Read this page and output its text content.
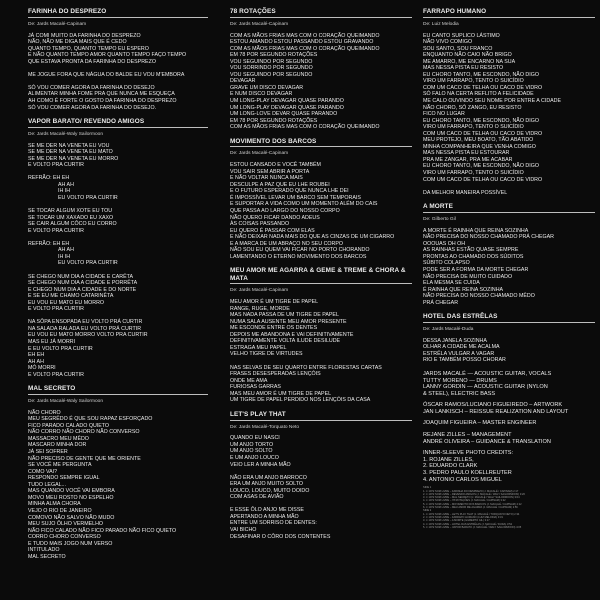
FARINHA DO DESPREZO
De: Jards Macalé-Capinam
JÁ COMI MUITO DA FARINHA DO DESPREZO
NÃO, NÃO ME DIGA MAIS QUE É CEDO
QUANTO TEMPO, QUANTO TEMPO EU ESPERO
E NÃO QUANTO TEMPO AMOR QUANTO TEMPO FAÇO TEMPO
QUE ESTAVA PRONTA DA FARINHA DO DESPREZO
ME JOGUE FORA QUE NÁGUA DO BALDE EU VOU M'EMBORA
SÓ VOU COMER AGORA DA FARINHA DO DESEJO
ALIMENTAR MINHA FOME PRA QUE NUNCA ME ESQUEÇA
AH COMO É FORTE O GOSTO DA FARINHA DO DESPREZO
SÓ VOU COMER AGORA DA FARINHA DO DESEJO.
VAPOR BARATO/ REVENDO AMIGOS
De: Jards Macalé-Waly Sailormoon
SE ME DER NA VENETA EU VOU
SE ME DER NA VENETA EU MATO
SE ME DER NA VENETA EU MORRO
E VOLTO PRA CURTIR
REFRÃO: EH EH
AH AH
IH IH
EU VOLTO PRA CURTIR
SE TOCAR ALGUM XOTE EU TOU
SE TOCAR UM XAXADO EU XAXO
SE CAIR ALGUM CÔCO EU CORRO
E VOLTO PRA CURTIR
REFRÃO: EH EH
AH AH
IH IH
EU VOLTO PRA CURTIR
SE CHEGO NUM DIA A CIDADE E CARÊTA
SE CHEGO NUM DIA A CIDADE E PORRÊTA
E CHEGO NUM DIA A CIDADE E DO NORTE
E SE EU ME CHAMO CATARINÊTA
EU VOU EU MATO EU MORRO
E VOLTO PRA CURTIR
NA SÔPA ENSOPADA EU VOLTO PRÁ CURTIR
NA SALADA RALADA EU VOLTO PRÁ CURTIR
EU VOU EU MATO MORRO VOLTO PRA CURTIR
MAS EU JÁ MORRI
E EU VOLTO PRA CURTIR
EH EH
AH AH
MÓ MORRI
E VOLTO PRA CURTIR
MAL SECRETO
De: Jards Macalé-Waly Sailormoon
NÃO CHORO
MEU SEGRÊDO É QUE SOU RAPAZ ESFORÇADO
FICO PARADO CALADO QUIETO
NÃO CORRO NÃO CHORO NÃO CONVERSO
MASSACRO MEU MÊDO
MASCARO MINHA DOR
JÁ SEI SOFRER
NÃO PRECISO DE GENTE QUE ME ORIENTE
SE VOCÊ ME PERGUNTA
COMO VAI?
RESPONDO SEMPRE IGUAL
TUDO LEGAL...
MAS QUANDO VOCÊ VAI EMBORA
MOVO MEU ROSTO NO ESPELHO
MINHA ALMA CHORA
VEJO O RIO DE JANEIRO
COMOVO NÃO SALVO NÃO MUDO
MEU SUJO ÔLHO VERMELHO
NÃO FICO CALADO NÃO FICO PARADO NÃO FICO QUIETO
CORRO CHORO CONVERSO
E TUDO MAIS JOGO NUM VERSO
INTITULADO
MAL SECRETO
78 ROTAÇÕES
De: Jards Macalé-Capinam
COM AS MÃOS FRIAS MAS COM O CORAÇÃO QUEIMANDO
ESTOU AMANDO ESTOU PASSANDO ESTOU GRAVANDO
COM AS MÃOS FRIAS MAS COM O CORAÇÃO QUEIMANDO
EM 78 POR SEGUNDO ROTAÇÕES
VOU SEGUINDO POR SEGUNDO
VOU SORRINDO POR SEGUNDO
VOU SEGUINDO POR SEGUNDO
DEVAGAR
GRAVE UM DISCO DEVAGAR
E NUM DISCO DEVAGAR
UM LONG-PLAY DEVAGAR QUASE PARANDO
UM LONG-PLAY DEVAGAR QUASE PARANDO
UM LONG-LOVE DEVAR QUASE PARANDO
EM 78 POR SEGUNDO ROTAÇÕES
COM AS MÃOS FRIAS MAS COM O CORAÇÃO QUEIMANDO
MOVIMENTO DOS BARCOS
De: Jards Macalé-Capinam
ESTOU CANSADO E VOCÊ TAMBÉM
VOU SAIR SEM ABRIR A PORTA
E NÃO VOLTAR NUNCA MAIS
DESCULPE A PAZ QUE EU LHE ROUBEI
E O FUTURO ESPERADO QUE NUNCA LHE DEI
É IMPOSSÍVEL LEVAR UM BARCO SEM TEMPORAIS
E SUPORTAR A VIDA COMO UM MOMENTO ALÉM DO CAIS
QUE PASSA AO LARGO DO NOSSO CORPO
NÃO QUERO FICAR DANDO ADEUS
ÀS COISAS PASSANDO
EU QUERO É PASSAR COM ELAS
E NÃO DEIXAR NADA MAIS DO QUE AS CINZAS DE UM CIGARRO
E A MARCA DE UM ABRAÇO NO SEU CORPO
NÃO SOU EU QUEM VAI FICAR NO PORTO CHORANDO
LAMENTANDO O ETERNO MOVIMENTO DOS BARCOS
MEU AMOR ME AGARRA & GEME & TREME & CHORA & MATA
De: Jards Macalé-Capinam
MEU AMOR É UM TIGRE DE PAPEL
RANGE, RUGE, MORDE
MAS NADA PASSA DE UM TIGRE DE PAPEL
NUMA SALA AUSENTE MEU AMOR PRESENTE
ME ESCONDE ENTRE OS DENTES
DEPOIS ME ABANDONA E VAI DEFINITIVAMENTE
DEFINITIVAMENTE VOLTA ILUDE DESILUDE
ESTRAGA MEU PAPEL
VELHO TIGRE DE VIRTUDES
NAS SELVAS DE SEU QUARTO ENTRE FLORESTAS CARTAS
FRASES DESESPERADAS LENÇÓIS
ONDE ME AMA
FURIOSAS GARRAS
MAS MEU AMOR É UM TIGRE DE PAPEL
UM TIGRE DE PAPEL PERDIDO NOS LENÇÓIS DA CASA
LET'S PLAY THAT
De: Jards Macalé-Torquato Neto
QUANDO EU NASCI
UM ANJO TORTO
UM ANJO SOLTO
E UM ANJO LOUCO
VEIO LER A MINHA MÃO
NÃO ERA UM ANJO BARROCO
ERA UM ANJO MUITO SOLTO
LOUCO, LOUCO, MUITO DOIDO
COM ASAS DE AVIÃO
E ESSE ÔLO ANJO ME DISSE
APERTANDO A MINHA MÃO
ENTRE UM SORRISO DE DENTES:
VAI BICHO
DESAFINAR O CÔRO DOS CONTENTES
FARRAPO HUMANO
De: Luiz Melodia
EU CANTO SUPLICO LÁSTIMO
NÃO VIVO COMIGO
SOU SANTO, SOU FRANCO
ENQUANTO NÃO CAIO NÃO BRIGO
ME AMARRO, ME ENCARNO NA SUA
MAS NESSA PISTA EU RESISTO
EU CHORO TANTO, ME ESCONDO, NÃO DIGO
VIRO UM FARRAPO, TENTO O SUICÍDIO
COM UM CACO DE TELHA OU CACO DE VIDRO
SÓ FALO NA CERTA REFLITO A FELICIDADE
ME CALO OUVINDO SEU NOME POR ENTRE A CIDADE
NÃO CHORO, SÓ ZANGO, EU RESISTO
FICO NO LUGAR
EU CHORO TANTO, ME ESCONDO, NÃO DIGO
VIRO UM FARRAPO, TENTO O SUICÍDIO
COM UM CACO DE TELHA OU CACO DE VIDRO
MEU PROTEJO, MEU BOATO, TÃO ABATIDO
MINHA COMPANHEIRA QUE VENHA COMIGO
MAS NESSA PISTA EU ESTOURAR
PRA ME ZANGAR, PRA ME ACABAR
EU CHORO TANTO, ME ESCONDO, NÃO DIGO
VIRO UM FARRAPO, TENTO O SUICÍDIO
COM UM CACO DE TELHA OU CACO DE VIDRO
DA MELHOR MANEIRA POSSÍVEL
A MORTE
De: Gilberto Gil
A MORTE É RAINHA QUE REINA SOZINHA
NÃO PRECISA DO NOSSO CHAMADO PRÁ CHEGAR
OOOUAS OH OH
AS RAINHAS ESTÃO QUASE SEMPRE
PRONTAS AO CHAMADO DOS SÚDITOS
SÚBITO COLAPSO
PODE SER A FORMA DA MORTE CHEGAR
NÃO PRECISA DE MUITO CUIDADO
ELA MESMA SE CUIDA
É RAINHA QUE REINA SOZINHA
NÃO PRECISA DO NOSSO CHAMADO MÊDO
PRÁ CHEGAR
HOTEL DAS ESTRÊLAS
De: Jards Macalé-Duda
DESSA JANELA SOZINHA
OLHAR A CIDADE ME ACALMA
ESTRÊLA VULGAR A VAGAR
RIO E TAMBÉM POSSO CHORAR
JARDS MACALÉ — ACOUSTIC GUITAR, VOCALS
TUTTY MORENO — DRUMS
LANNY GORDIN — ACOUSTIC GUITAR (NYLON
& STEEL), ELECTRIC BASS
ÓSCAR RAMOS/LUCIANO FIGUEIREDO – ARTWORK
JAN LANKISCH – REISSUE REALIZATION AND LAYOUT
JOAQUIM FIGUEIRA – MASTER ENGINEER
REJANE ZILLES – MANAGEMENT
ANDRÉ OLIVEIRA – GUIDANCE & TRANSLATION
INNER-SLEEVE PHOTO CREDITS:
1. ROJANE ZILLES,
2. EDUARDO CLARK
3. PEDRO PAULO KOELLREUTER
4. ANTONIO CARLOS MIGUEL
SIDE 1
1. ℗ 1972 SOM LIVRE – FARINHA DO DESPREZO (J. MACALÉ / CAPINAM) 2:17
2. ℗ 1972 SOM LIVRE – REVENDO AMIGOS (J. MACALÉ / WALY SAILORMOON) 3:20
3. ℗ 1972 SOM LIVRE – MAL SECRETO (J. MACALÉ / WALY SAILORMOON) 3:04
4. ℗ 1972 SOM LIVRE – 78 ROTAÇÕES (J. MACALÉ / CAPINAM) 3:22
5. ℗ 1972 SOM LIVRE – MOVIMENTO DOS BARCOS (J. MACALÉ / CAPINAM) 4:12
6. ℗ 1972 SOM LIVRE – MEU AMOR ME AGARRA (J. MACALÉ / CAPINAM) 2:56
SIDE 2
1. ℗ 1972 SOM LIVRE – LET'S PLAY THAT (J. MACALÉ / TORQUATO NETO) 2:34
2. ℗ 1972 SOM LIVRE – FARRAPO HUMANO (LUIZ MELODIA) 3:31
3. ℗ 1972 SOM LIVRE – A MORTE (GILBERTO GIL) 3:17
4. ℗ 1972 SOM LIVRE – HOTEL DAS ESTRÊLAS (J. MACALÉ / DUDA) 3:52
5. ℗ 1972 SOM LIVRE – VAPOR BARATO (J. MACALÉ / WALY SAILORMOON) 4:05
